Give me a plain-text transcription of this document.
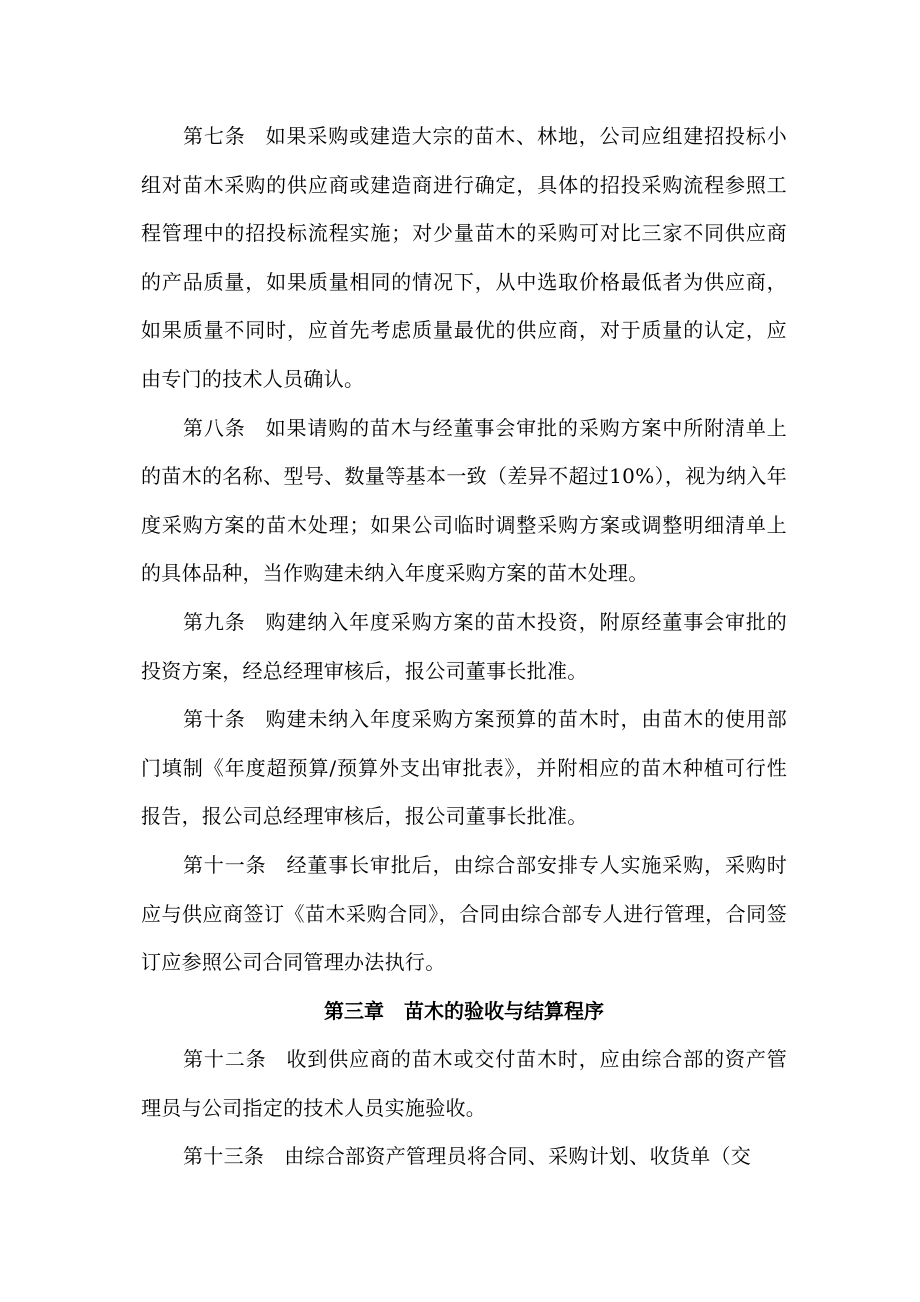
第七条 如果采购或建造大宗的苗木、林地，公司应组建招投标小组对苗木采购的供应商或建造商进行确定，具体的招投采购流程参照工程管理中的招投标流程实施；对少量苗木的采购可对比三家不同供应商的产品质量，如果质量相同的情况下，从中选取价格最低者为供应商，如果质量不同时，应首先考虑质量最优的供应商，对于质量的认定，应由专门的技术人员确认。

第八条 如果请购的苗木与经董事会审批的采购方案中所附清单上的苗木的名称、型号、数量等基本一致（差异不超过10%），视为纳入年度采购方案的苗木处理；如果公司临时调整采购方案或调整明细清单上的具体品种，当作购建未纳入年度采购方案的苗木处理。

第九条 购建纳入年度采购方案的苗木投资，附原经董事会审批的投资方案，经总经理审核后，报公司董事长批准。

第十条 购建未纳入年度采购方案预算的苗木时，由苗木的使用部门填制《年度超预算/预算外支出审批表》，并附相应的苗木种植可行性报告，报公司总经理审核后，报公司董事长批准。

第十一条 经董事长审批后，由综合部安排专人实施采购，采购时应与供应商签订《苗木采购合同》，合同由综合部专人进行管理，合同签订应参照公司合同管理办法执行。

第三章　苗木的验收与结算程序

第十二条 收到供应商的苗木或交付苗木时，应由综合部的资产管理员与公司指定的技术人员实施验收。

第十三条 由综合部资产管理员将合同、采购计划、收货单（交
